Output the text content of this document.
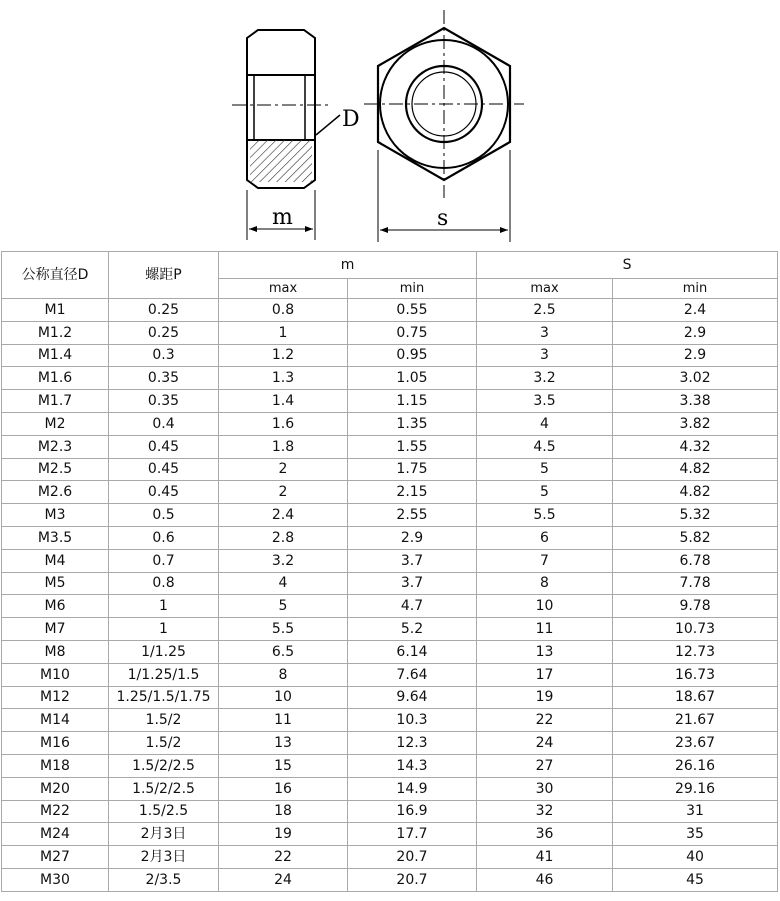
D
m	s
公称直径D	螺距P	m		S	
		max	min	max	min
M1	0.25	0.8	0.55	2.5	2.4
M1.2	0.25	1	0.75	3	2.9
M1.4	0.3	1.2	0.95	3	2.9
M1.6	0.35	1.3	1.05	3.2	3.02
M1.7	0.35	1.4	1.15	3.5	3.38
M2	0.4	1.6	1.35	4	3.82
M2.3	0.45	1.8	1.55	4.5	4.32
M2.5	0.45	2	1.75	5	4.82
M2.6	0.45	2	2.15	5	4.82
M3	0.5	2.4	2.55	5.5	5.32
M3.5	0.6	2.8	2.9	6	5.82
M4	0.7	3.2	3.7	7	6.78
M5	0.8	4	3.7	8	7.78
M6	1	5	4.7	10	9.78
M7	1	5.5	5.2	11	10.73
M8	1/1.25	6.5	6.14	13	12.73
M10	1/1.25/1.5	8	7.64	17	16.73
M12	1.25/1.5/1.75	10	9.64	19	18.67
M14	1.5/2	11	10.3	22	21.67
M16	1.5/2	13	12.3	24	23.67
M18	1.5/2/2.5	15	14.3	27	26.16
M20	1.5/2/2.5	16	14.9	30	29.16
M22	1.5/2.5	18	16.9	32	31
M24	2月3日	19	17.7	36	35
M27	2月3日	22	20.7	41	40
M30	2/3.5	24	20.7	46	45
